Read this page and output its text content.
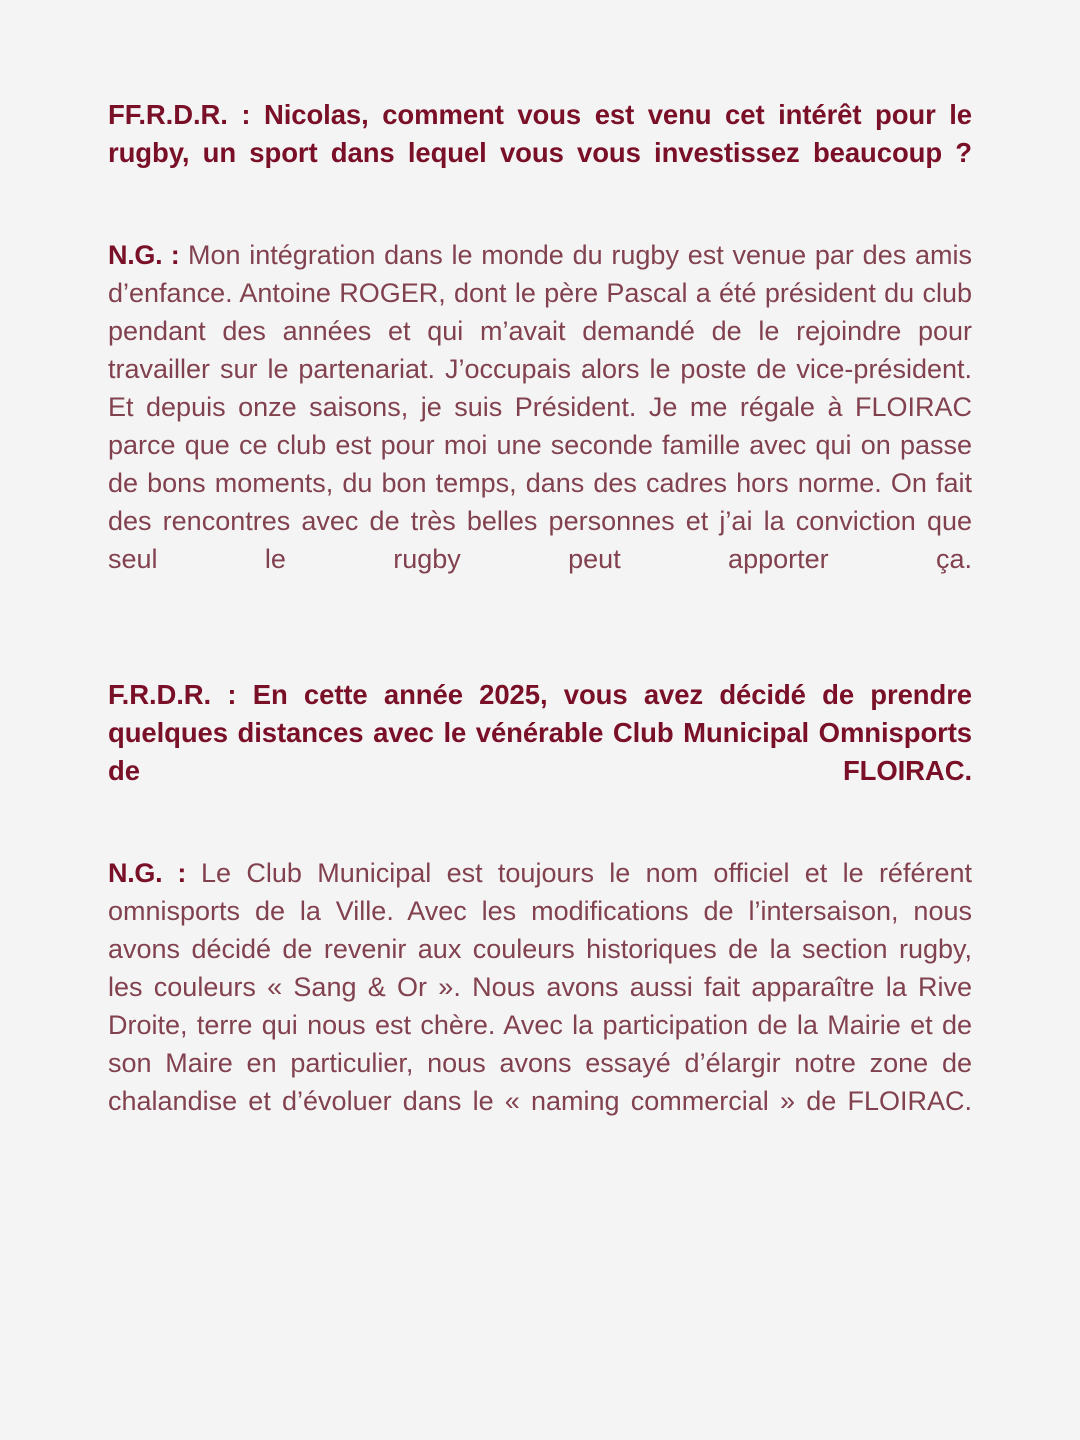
FF.R.D.R. : Nicolas, comment vous est venu cet intérêt pour le rugby, un sport dans lequel vous vous investissez beaucoup ?

N.G. : Mon intégration dans le monde du rugby est venue par des amis d’enfance. Antoine ROGER, dont le père Pascal a été président du club pendant des années et qui m’avait demandé de le rejoindre pour travailler sur le partenariat. J’occupais alors le poste de vice-président. Et depuis onze saisons, je suis Président. Je me régale à FLOIRAC parce que ce club est pour moi une seconde famille avec qui on passe de bons moments, du bon temps, dans des cadres hors norme. On fait des rencontres avec de très belles personnes et j’ai la conviction que seul le rugby peut apporter ça.

F.R.D.R. : En cette année 2025, vous avez décidé de prendre quelques distances avec le vénérable Club Municipal Omnisports de FLOIRAC.

N.G. : Le Club Municipal est toujours le nom officiel et le référent omnisports de la Ville. Avec les modifications de l’intersaison, nous avons décidé de revenir aux couleurs historiques de la section rugby, les couleurs « Sang & Or ». Nous avons aussi fait apparaître la Rive Droite, terre qui nous est chère. Avec la participation de la Mairie et de son Maire en particulier, nous avons essayé d’élargir notre zone de chalandise et d’évoluer dans le « naming commercial » de FLOIRAC.
